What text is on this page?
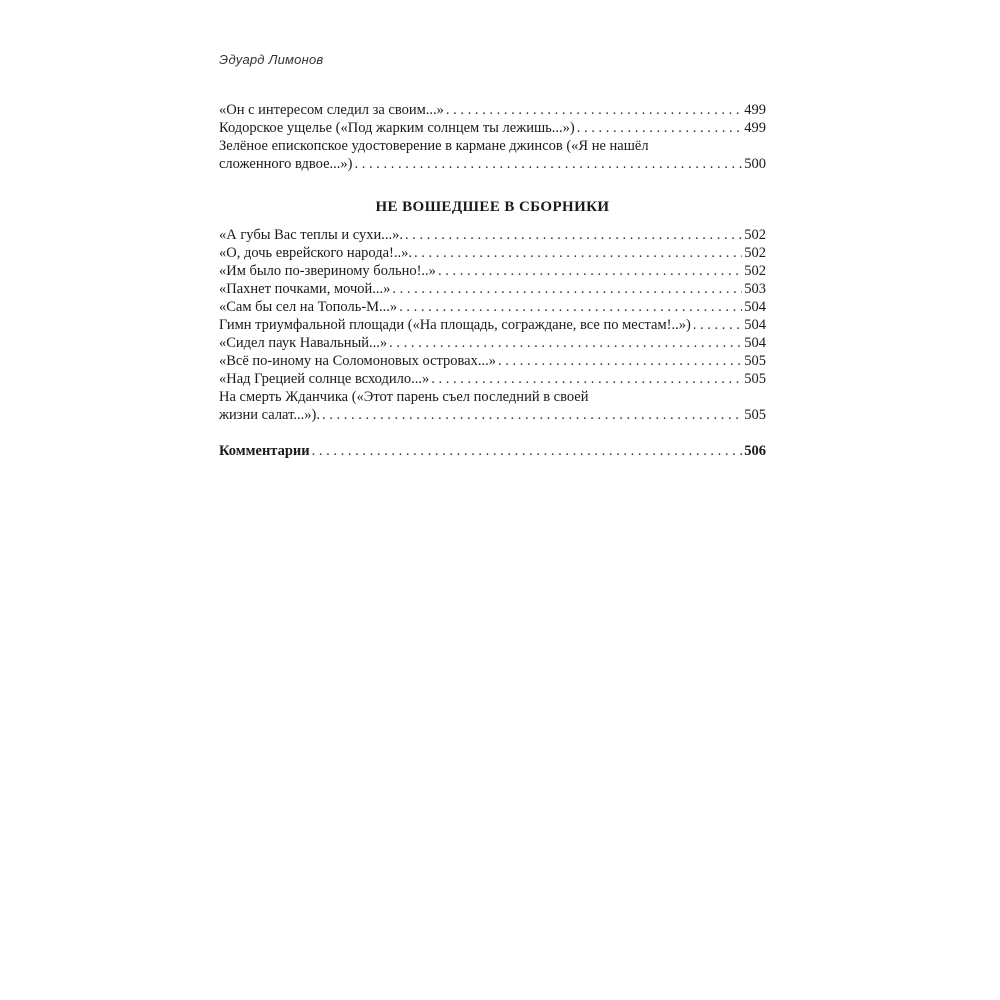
Эдуард Лимонов
«Он с интересом следил за своим...» . . .	499
Кодорское ущелье («Под жарким солнцем ты лежишь...») . . .	499
Зелёное епископское удостоверение в кармане джинсов («Я не нашёл
сложенного вдвое...») . . .	500
НЕ ВОШЕДШЕЕ В СБОРНИКИ
«А губы Вас теплы и сухи...». . . .	502
«О, дочь еврейского народа!..». . . .	502
«Им было по-звериному больно!..» . . .	502
«Пахнет почками, мочой...» . . .	503
«Сам бы сел на Тополь-М...» . . .	504
Гимн триумфальной площади («На площадь, сограждане, все по местам!..») . . .	504
«Сидел паук Навальный...» . . .	504
«Всё по-иному на Соломоновых островах...» . . .	505
«Над Грецией солнце всходило...» . . .	505
На смерть Жданчика («Этот парень съел последний в своей
жизни салат...»). . . .	505
Комментарии . . .	506
